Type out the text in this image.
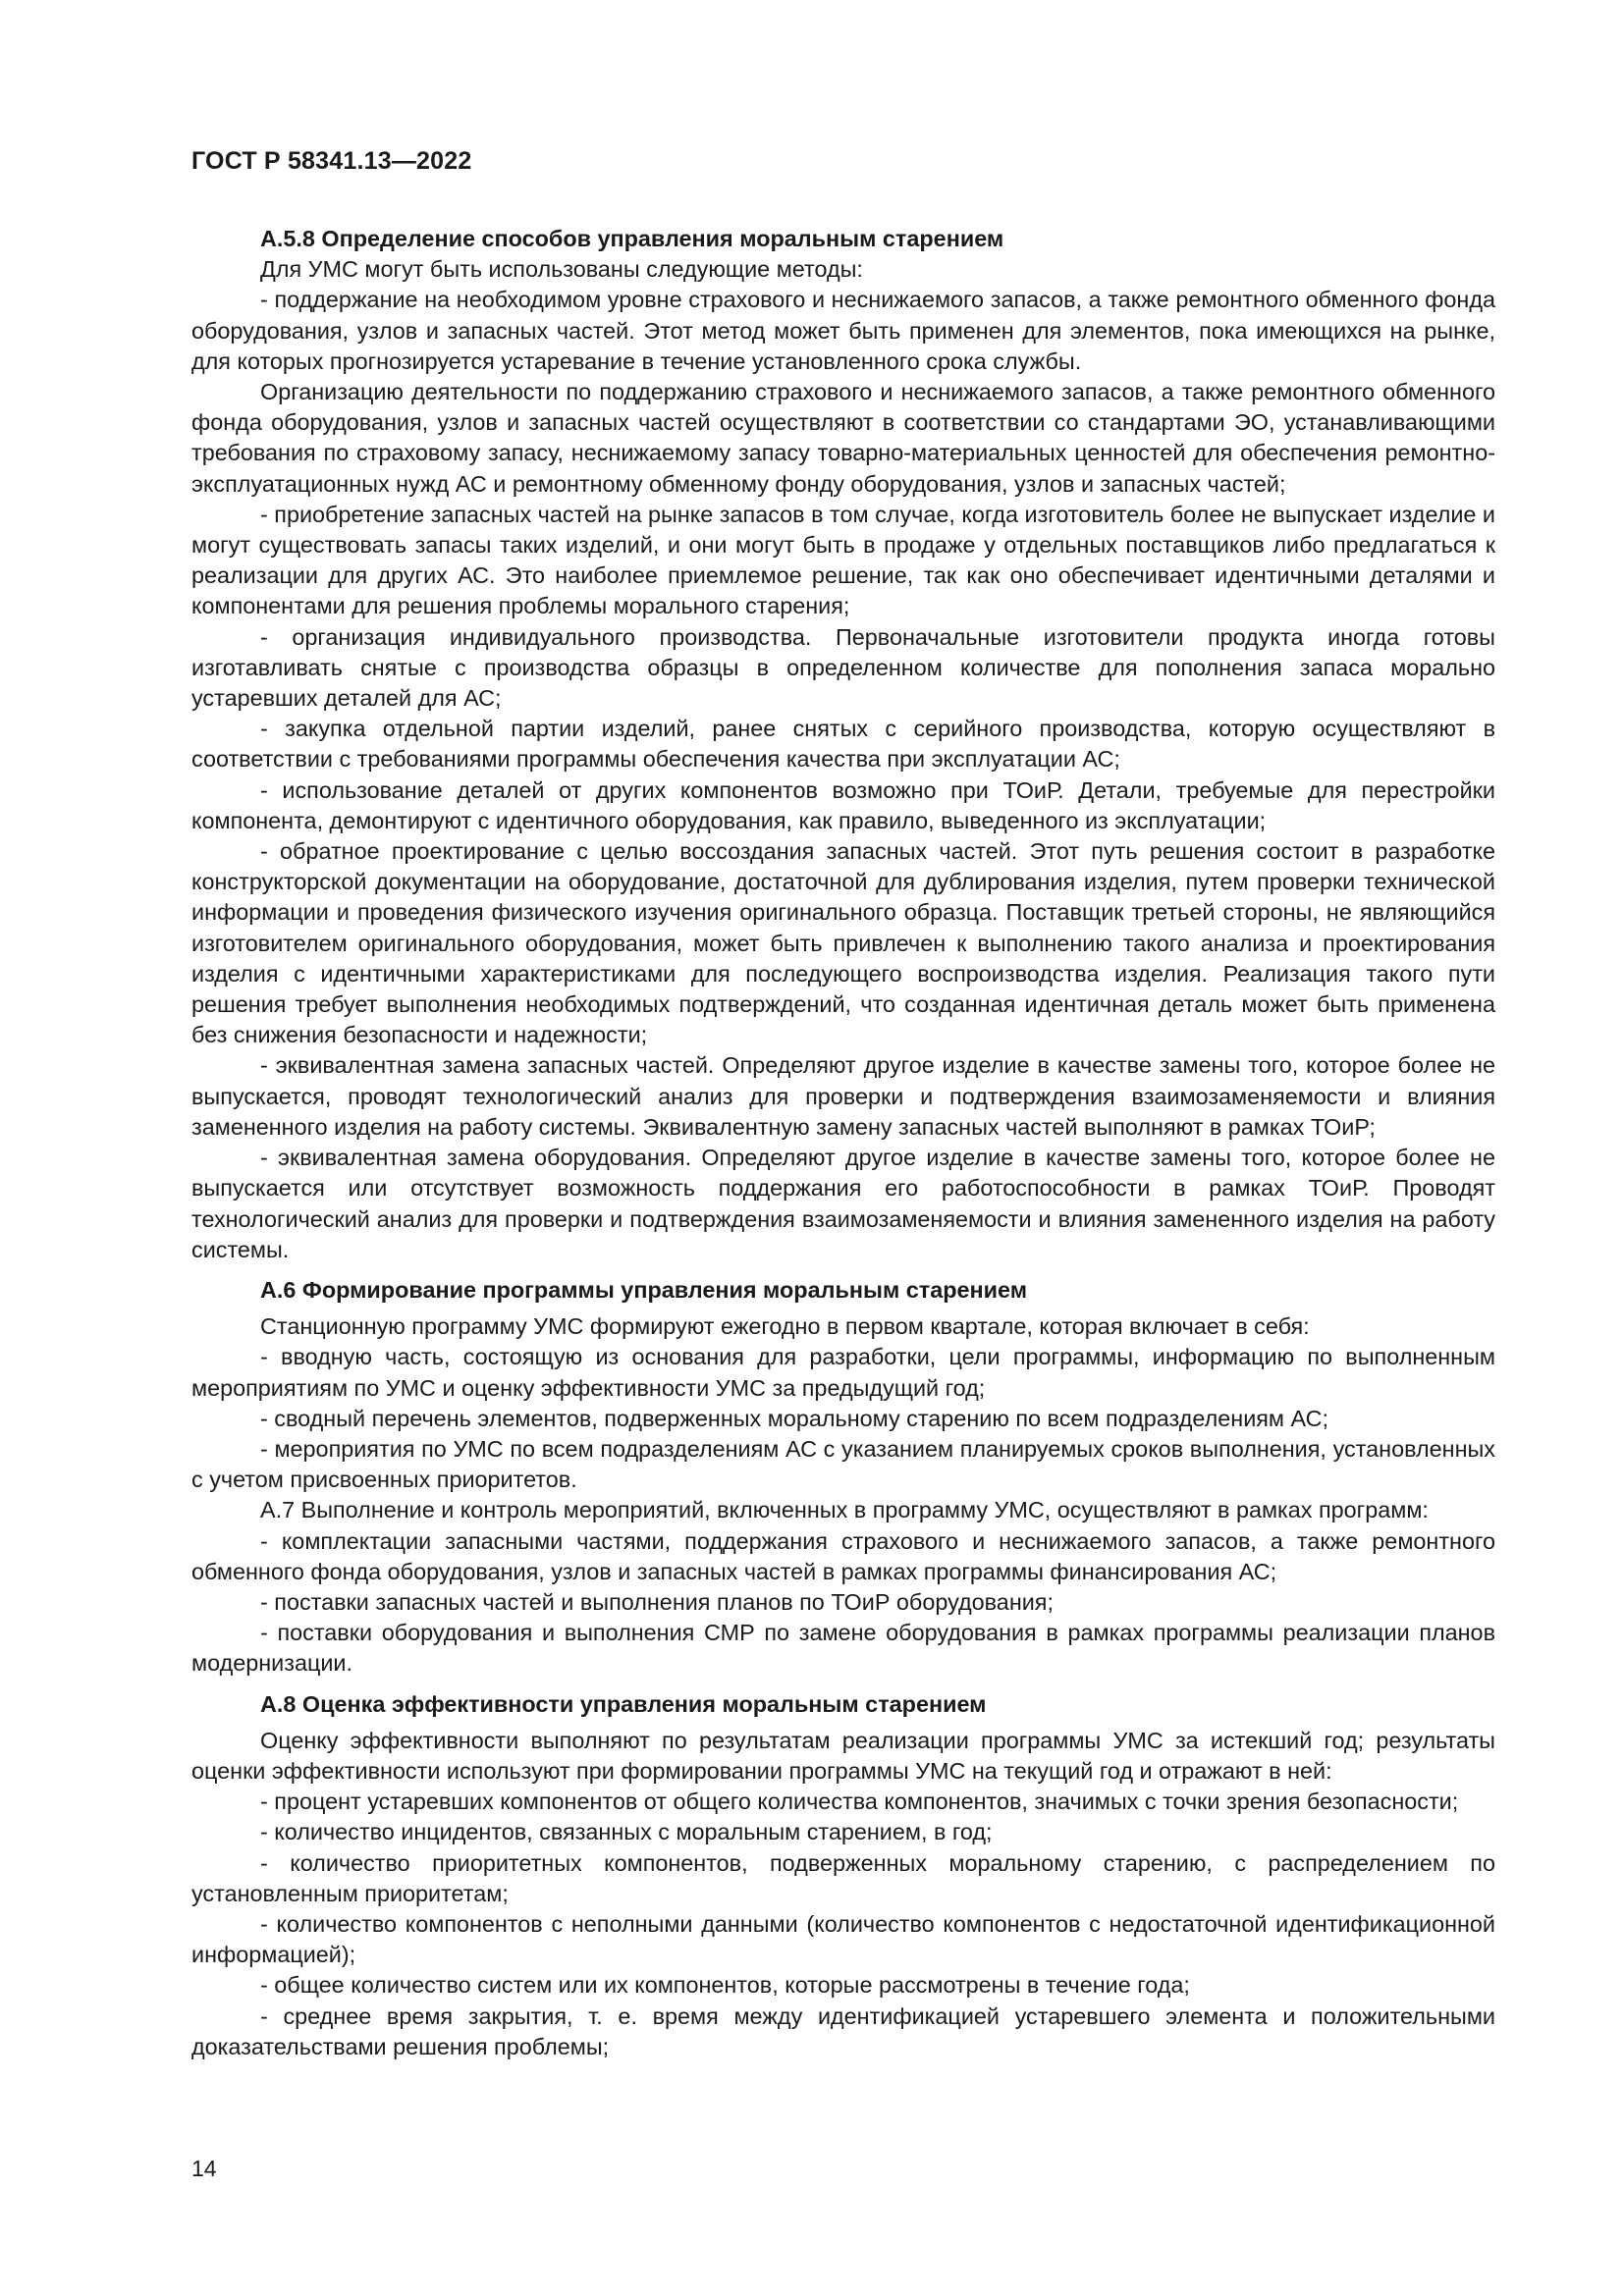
ГОСТ Р 58341.13—2022

А.5.8 Определение способов управления моральным старением

Для УМС могут быть использованы следующие методы:

- поддержание на необходимом уровне страхового и неснижаемого запасов, а также ремонтного обменного фонда оборудования, узлов и запасных частей. Этот метод может быть применен для элементов, пока имеющихся на рынке, для которых прогнозируется устаревание в течение установленного срока службы.

Организацию деятельности по поддержанию страхового и неснижаемого запасов, а также ремонтного обменного фонда оборудования, узлов и запасных частей осуществляют в соответствии со стандартами ЭО, устанавливающими требования по страховому запасу, неснижаемому запасу товарно-материальных ценностей для обеспечения ремонтно-эксплуатационных нужд АС и ремонтному обменному фонду оборудования, узлов и запасных частей;

- приобретение запасных частей на рынке запасов в том случае, когда изготовитель более не выпускает изделие и могут существовать запасы таких изделий, и они могут быть в продаже у отдельных поставщиков либо предлагаться к реализации для других АС. Это наиболее приемлемое решение, так как оно обеспечивает идентичными деталями и компонентами для решения проблемы морального старения;

- организация индивидуального производства. Первоначальные изготовители продукта иногда готовы изготавливать снятые с производства образцы в определенном количестве для пополнения запаса морально устаревших деталей для АС;

- закупка отдельной партии изделий, ранее снятых с серийного производства, которую осуществляют в соответствии с требованиями программы обеспечения качества при эксплуатации АС;

- использование деталей от других компонентов возможно при ТОиР. Детали, требуемые для перестройки компонента, демонтируют с идентичного оборудования, как правило, выведенного из эксплуатации;

- обратное проектирование с целью воссоздания запасных частей. Этот путь решения состоит в разработке конструкторской документации на оборудование, достаточной для дублирования изделия, путем проверки технической информации и проведения физического изучения оригинального образца. Поставщик третьей стороны, не являющийся изготовителем оригинального оборудования, может быть привлечен к выполнению такого анализа и проектирования изделия с идентичными характеристиками для последующего воспроизводства изделия. Реализация такого пути решения требует выполнения необходимых подтверждений, что созданная идентичная деталь может быть применена без снижения безопасности и надежности;

- эквивалентная замена запасных частей. Определяют другое изделие в качестве замены того, которое более не выпускается, проводят технологический анализ для проверки и подтверждения взаимозаменяемости и влияния замененного изделия на работу системы. Эквивалентную замену запасных частей выполняют в рамках ТОиР;

- эквивалентная замена оборудования. Определяют другое изделие в качестве замены того, которое более не выпускается или отсутствует возможность поддержания его работоспособности в рамках ТОиР. Проводят технологический анализ для проверки и подтверждения взаимозаменяемости и влияния замененного изделия на работу системы.

А.6 Формирование программы управления моральным старением

Станционную программу УМС формируют ежегодно в первом квартале, которая включает в себя:

- вводную часть, состоящую из основания для разработки, цели программы, информацию по выполненным мероприятиям по УМС и оценку эффективности УМС за предыдущий год;

- сводный перечень элементов, подверженных моральному старению по всем подразделениям АС;

- мероприятия по УМС по всем подразделениям АС с указанием планируемых сроков выполнения, установленных с учетом присвоенных приоритетов.

А.7 Выполнение и контроль мероприятий, включенных в программу УМС, осуществляют в рамках программ:

- комплектации запасными частями, поддержания страхового и неснижаемого запасов, а также ремонтного обменного фонда оборудования, узлов и запасных частей в рамках программы финансирования АС;

- поставки запасных частей и выполнения планов по ТОиР оборудования;

- поставки оборудования и выполнения СМР по замене оборудования в рамках программы реализации планов модернизации.

А.8 Оценка эффективности управления моральным старением

Оценку эффективности выполняют по результатам реализации программы УМС за истекший год; результаты оценки эффективности используют при формировании программы УМС на текущий год и отражают в ней:

- процент устаревших компонентов от общего количества компонентов, значимых с точки зрения безопасности;

- количество инцидентов, связанных с моральным старением, в год;

- количество приоритетных компонентов, подверженных моральному старению, с распределением по установленным приоритетам;

- количество компонентов с неполными данными (количество компонентов с недостаточной идентификационной информацией);

- общее количество систем или их компонентов, которые рассмотрены в течение года;

- среднее время закрытия, т. е. время между идентификацией устаревшего элемента и положительными доказательствами решения проблемы;

14
